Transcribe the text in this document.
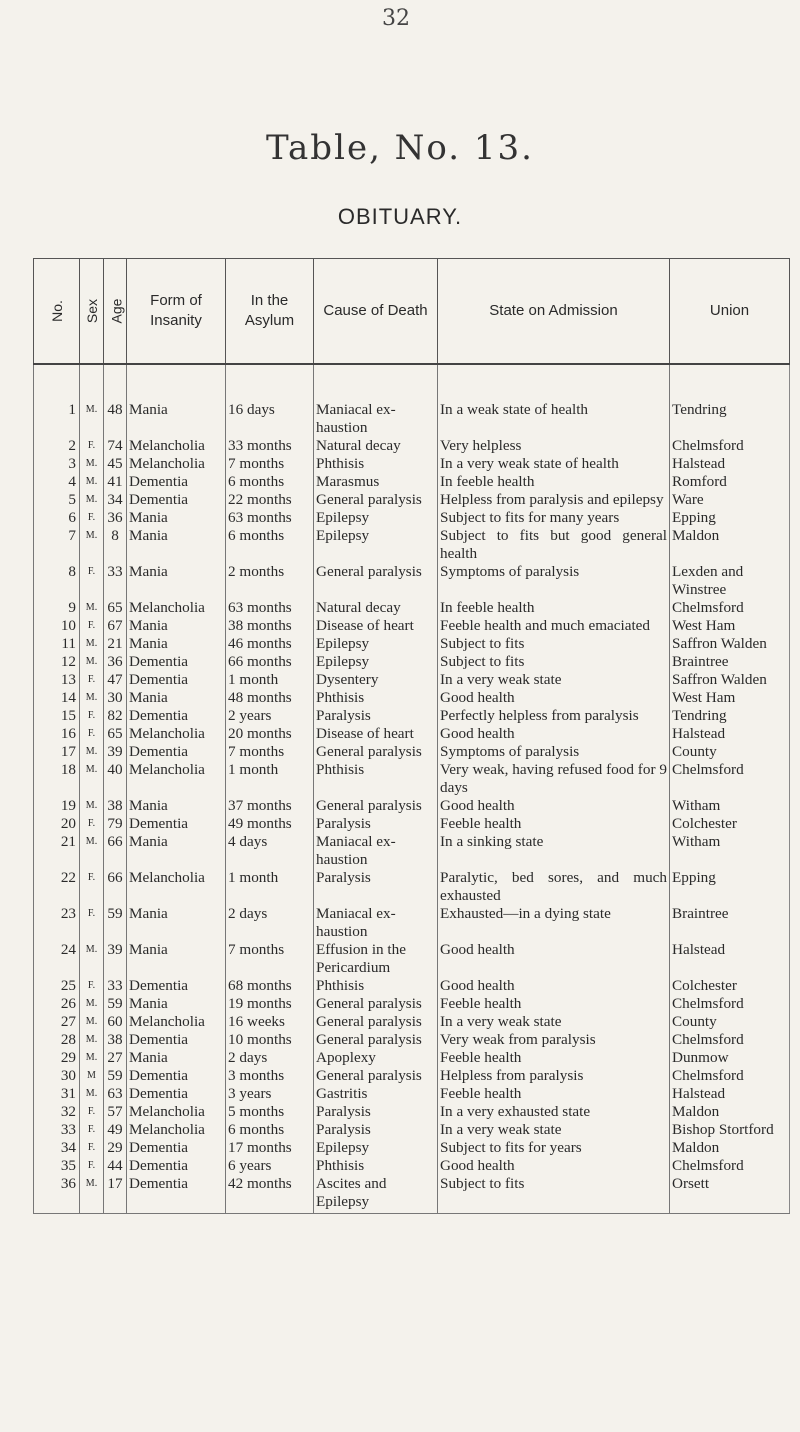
32
Table, No. 13.
OBITUARY.
No.	Sex	Age	Form of Insanity	In the Asylum	Cause of Death	State on Admission	Union
1	M.	48	Mania	16 days	Maniacal ex-haustion	In a weak state of health	Tendring
2	F.	74	Melancholia	33 months	Natural decay	Very helpless	Chelmsford
3	M.	45	Melancholia	7 months	Phthisis	In a very weak state of health	Halstead
4	M.	41	Dementia	6 months	Marasmus	In feeble health	Romford
5	M.	34	Dementia	22 months	General paralysis	Helpless from paralysis and epilepsy	Ware
6	F.	36	Mania	63 months	Epilepsy	Subject to fits for many years	Epping
7	M.	8	Mania	6 months	Epilepsy	Subject to fits but good general health	Maldon
8	F.	33	Mania	2 months	General paralysis	Symptoms of paralysis	Lexden and Winstree
9	M.	65	Melancholia	63 months	Natural decay	In feeble health	Chelmsford
10	F.	67	Mania	38 months	Disease of heart	Feeble health and much emaciated	West Ham
11	M.	21	Mania	46 months	Epilepsy	Subject to fits	Saffron Walden
12	M.	36	Dementia	66 months	Epilepsy	Subject to fits	Braintree
13	F.	47	Dementia	1 month	Dysentery	In a very weak state	Saffron Walden
14	M.	30	Mania	48 months	Phthisis	Good health	West Ham
15	F.	82	Dementia	2 years	Paralysis	Perfectly helpless from paralysis	Tendring
16	F.	65	Melancholia	20 months	Disease of heart	Good health	Halstead
17	M.	39	Dementia	7 months	General paralysis	Symptoms of paralysis	County
18	M.	40	Melancholia	1 month	Phthisis	Very weak, having refused food for 9 days	Chelmsford
19	M.	38	Mania	37 months	General paralysis	Good health	Witham
20	F.	79	Dementia	49 months	Paralysis	Feeble health	Colchester
21	M.	66	Mania	4 days	Maniacal ex-haustion	In a sinking state	Witham
22	F.	66	Melancholia	1 month	Paralysis	Paralytic, bed sores, and much exhausted	Epping
23	F.	59	Mania	2 days	Maniacal ex-haustion	Exhausted—in a dying state	Braintree
24	M.	39	Mania	7 months	Effusion in the Pericardium	Good health	Halstead
25	F.	33	Dementia	68 months	Phthisis	Good health	Colchester
26	M.	59	Mania	19 months	General paralysis	Feeble health	Chelmsford
27	M.	60	Melancholia	16 weeks	General paralysis	In a very weak state	County
28	M.	38	Dementia	10 months	General paralysis	Very weak from paralysis	Chelmsford
29	M.	27	Mania	2 days	Apoplexy	Feeble health	Dunmow
30	M	59	Dementia	3 months	General paralysis	Helpless from paralysis	Chelmsford
31	M.	63	Dementia	3 years	Gastritis	Feeble health	Halstead
32	F.	57	Melancholia	5 months	Paralysis	In a very exhausted state	Maldon
33	F.	49	Melancholia	6 months	Paralysis	In a very weak state	Bishop Stortford
34	F.	29	Dementia	17 months	Epilepsy	Subject to fits for years	Maldon
35	F.	44	Dementia	6 years	Phthisis	Good health	Chelmsford
36	M.	17	Dementia	42 months	Ascites and Epilepsy	Subject to fits	Orsett
